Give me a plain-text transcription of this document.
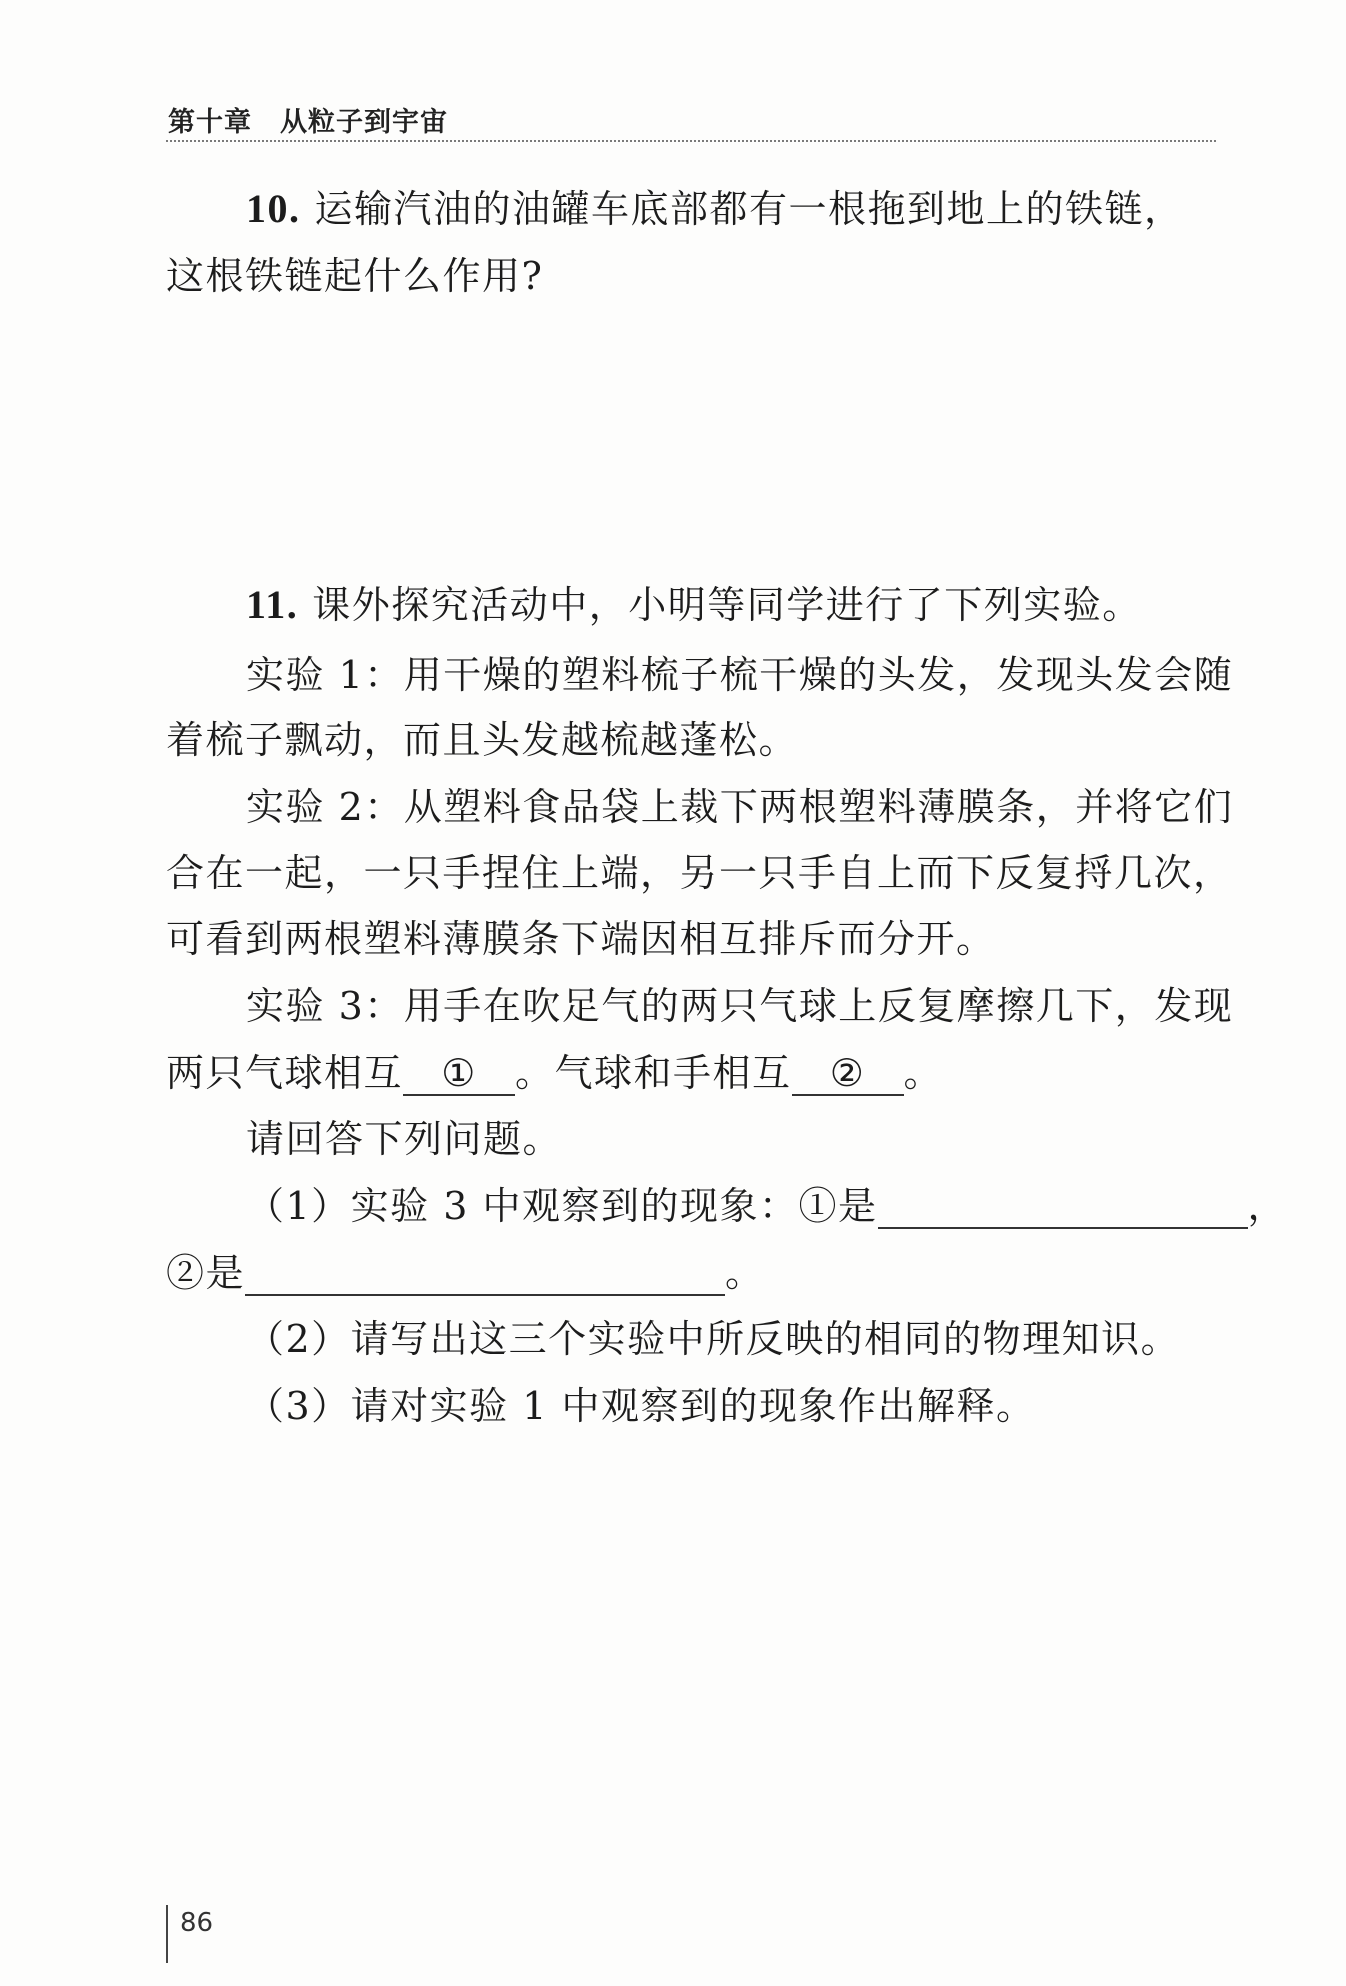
第十章　从粒子到宇宙
10. 运输汽油的油罐车底部都有一根拖到地上的铁链，
这根铁链起什么作用?
11. 课外探究活动中，小明等同学进行了下列实验。
实验 1：用干燥的塑料梳子梳干燥的头发，发现头发会随
着梳子飘动，而且头发越梳越蓬松。
实验 2：从塑料食品袋上裁下两根塑料薄膜条，并将它们
合在一起，一只手捏住上端，另一只手自上而下反复捋几次，
可看到两根塑料薄膜条下端因相互排斥而分开。
实验 3：用手在吹足气的两只气球上反复摩擦几下，发现
两只气球相互 ① 。气球和手相互 ② 。
请回答下列问题。
（1）实验 3 中观察到的现象：①是	，
②是	。
（2）请写出这三个实验中所反映的相同的物理知识。
（3）请对实验 1 中观察到的现象作出解释。
86
